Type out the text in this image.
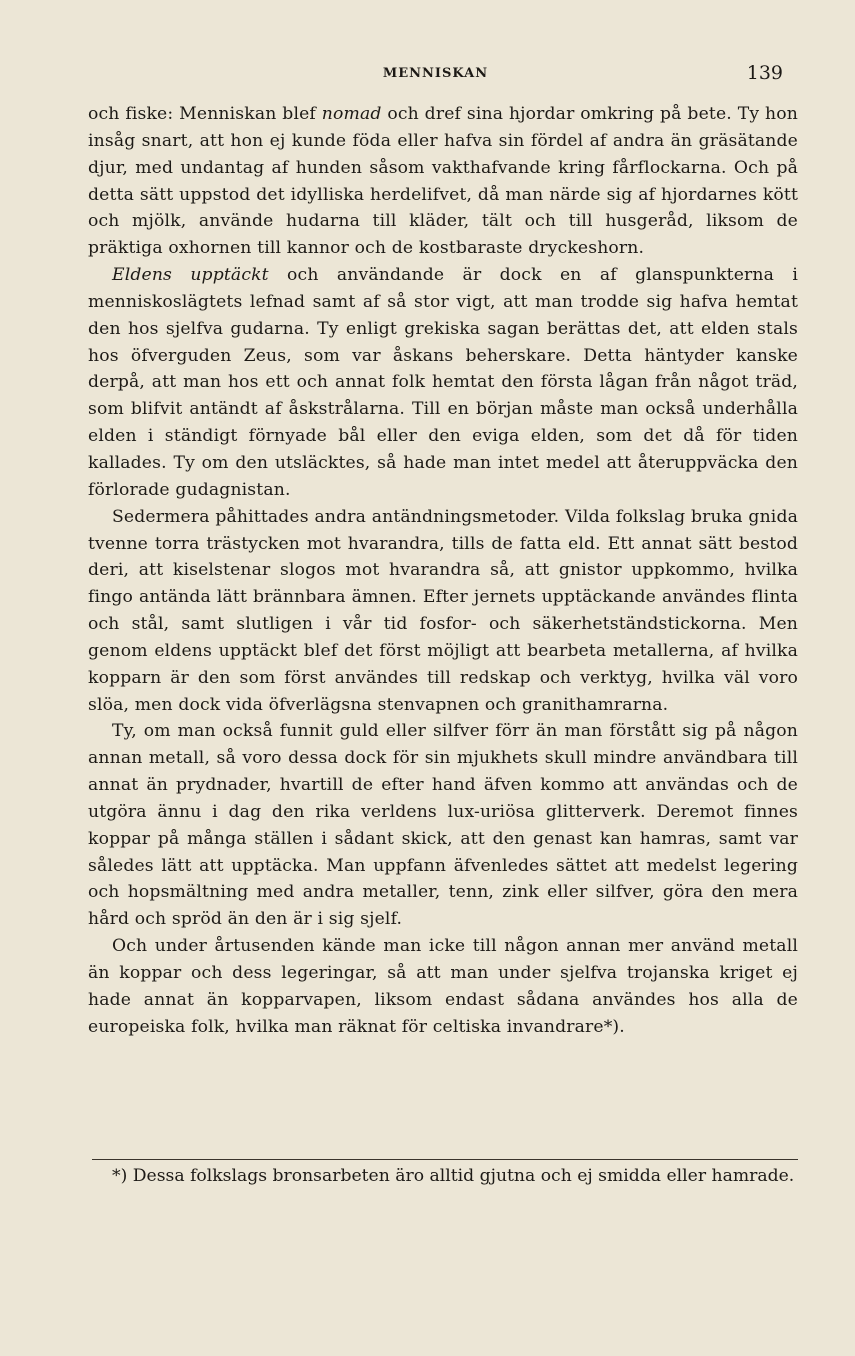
MENNISKAN	139

och fiske: Menniskan blef nomad och dref sina hjordar omkring på bete. Ty hon insåg snart, att hon ej kunde föda eller hafva sin fördel af andra än gräsätande djur, med undantag af hunden såsom vakthafvande kring fårflockarna. Och på detta sätt uppstod det idylliska herdelifvet, då man närde sig af hjordarnes kött och mjölk, använde hudarna till kläder, tält och till husgeråd, liksom de präktiga oxhornen till kannor och de kostbaraste dryckeshorn.

Eldens upptäckt och användande är dock en af glanspunkterna i menniskoslägtets lefnad samt af så stor vigt, att man trodde sig hafva hemtat den hos sjelfva gudarna. Ty enligt grekiska sagan berättas det, att elden stals hos öfverguden Zeus, som var åskans beherskare. Detta häntyder kanske derpå, att man hos ett och annat folk hemtat den första lågan från något träd, som blifvit antändt af åskstrålarna. Till en början måste man också underhålla elden i ständigt förnyade bål eller den eviga elden, som det då för tiden kallades. Ty om den utsläcktes, så hade man intet medel att återuppväcka den förlorade gudagnistan.

Sedermera påhittades andra antändningsmetoder. Vilda folkslag bruka gnida tvenne torra trästycken mot hvarandra, tills de fatta eld. Ett annat sätt bestod deri, att kiselstenar slogos mot hvarandra så, att gnistor uppkommo, hvilka fingo antända lätt brännbara ämnen. Efter jernets upptäckande användes flinta och stål, samt slutligen i vår tid fosfor- och säkerhetständstickorna. Men genom eldens upptäckt blef det först möjligt att bearbeta metallerna, af hvilka kopparn är den som först användes till redskap och verktyg, hvilka väl voro slöa, men dock vida öfverlägsna stenvapnen och granithamrarna.

Ty, om man också funnit guld eller silfver förr än man förstått sig på någon annan metall, så voro dessa dock för sin mjukhets skull mindre användbara till annat än prydnader, hvartill de efter hand äfven kommo att användas och de utgöra ännu i dag den rika verldens lux-uriösa glitterverk. Deremot finnes koppar på många ställen i sådant skick, att den genast kan hamras, samt var således lätt att upptäcka. Man uppfann äfvenledes sättet att medelst legering och hopsmältning med andra metaller, tenn, zink eller silfver, göra den mera hård och spröd än den är i sig sjelf.

Och under årtusenden kände man icke till någon annan mer använd metall än koppar och dess legeringar, så att man under sjelfva trojanska kriget ej hade annat än kopparvapen, liksom endast sådana användes hos alla de europeiska folk, hvilka man räknat för celtiska invandrare*).

*) Dessa folkslags bronsarbeten äro alltid gjutna och ej smidda eller hamrade.
